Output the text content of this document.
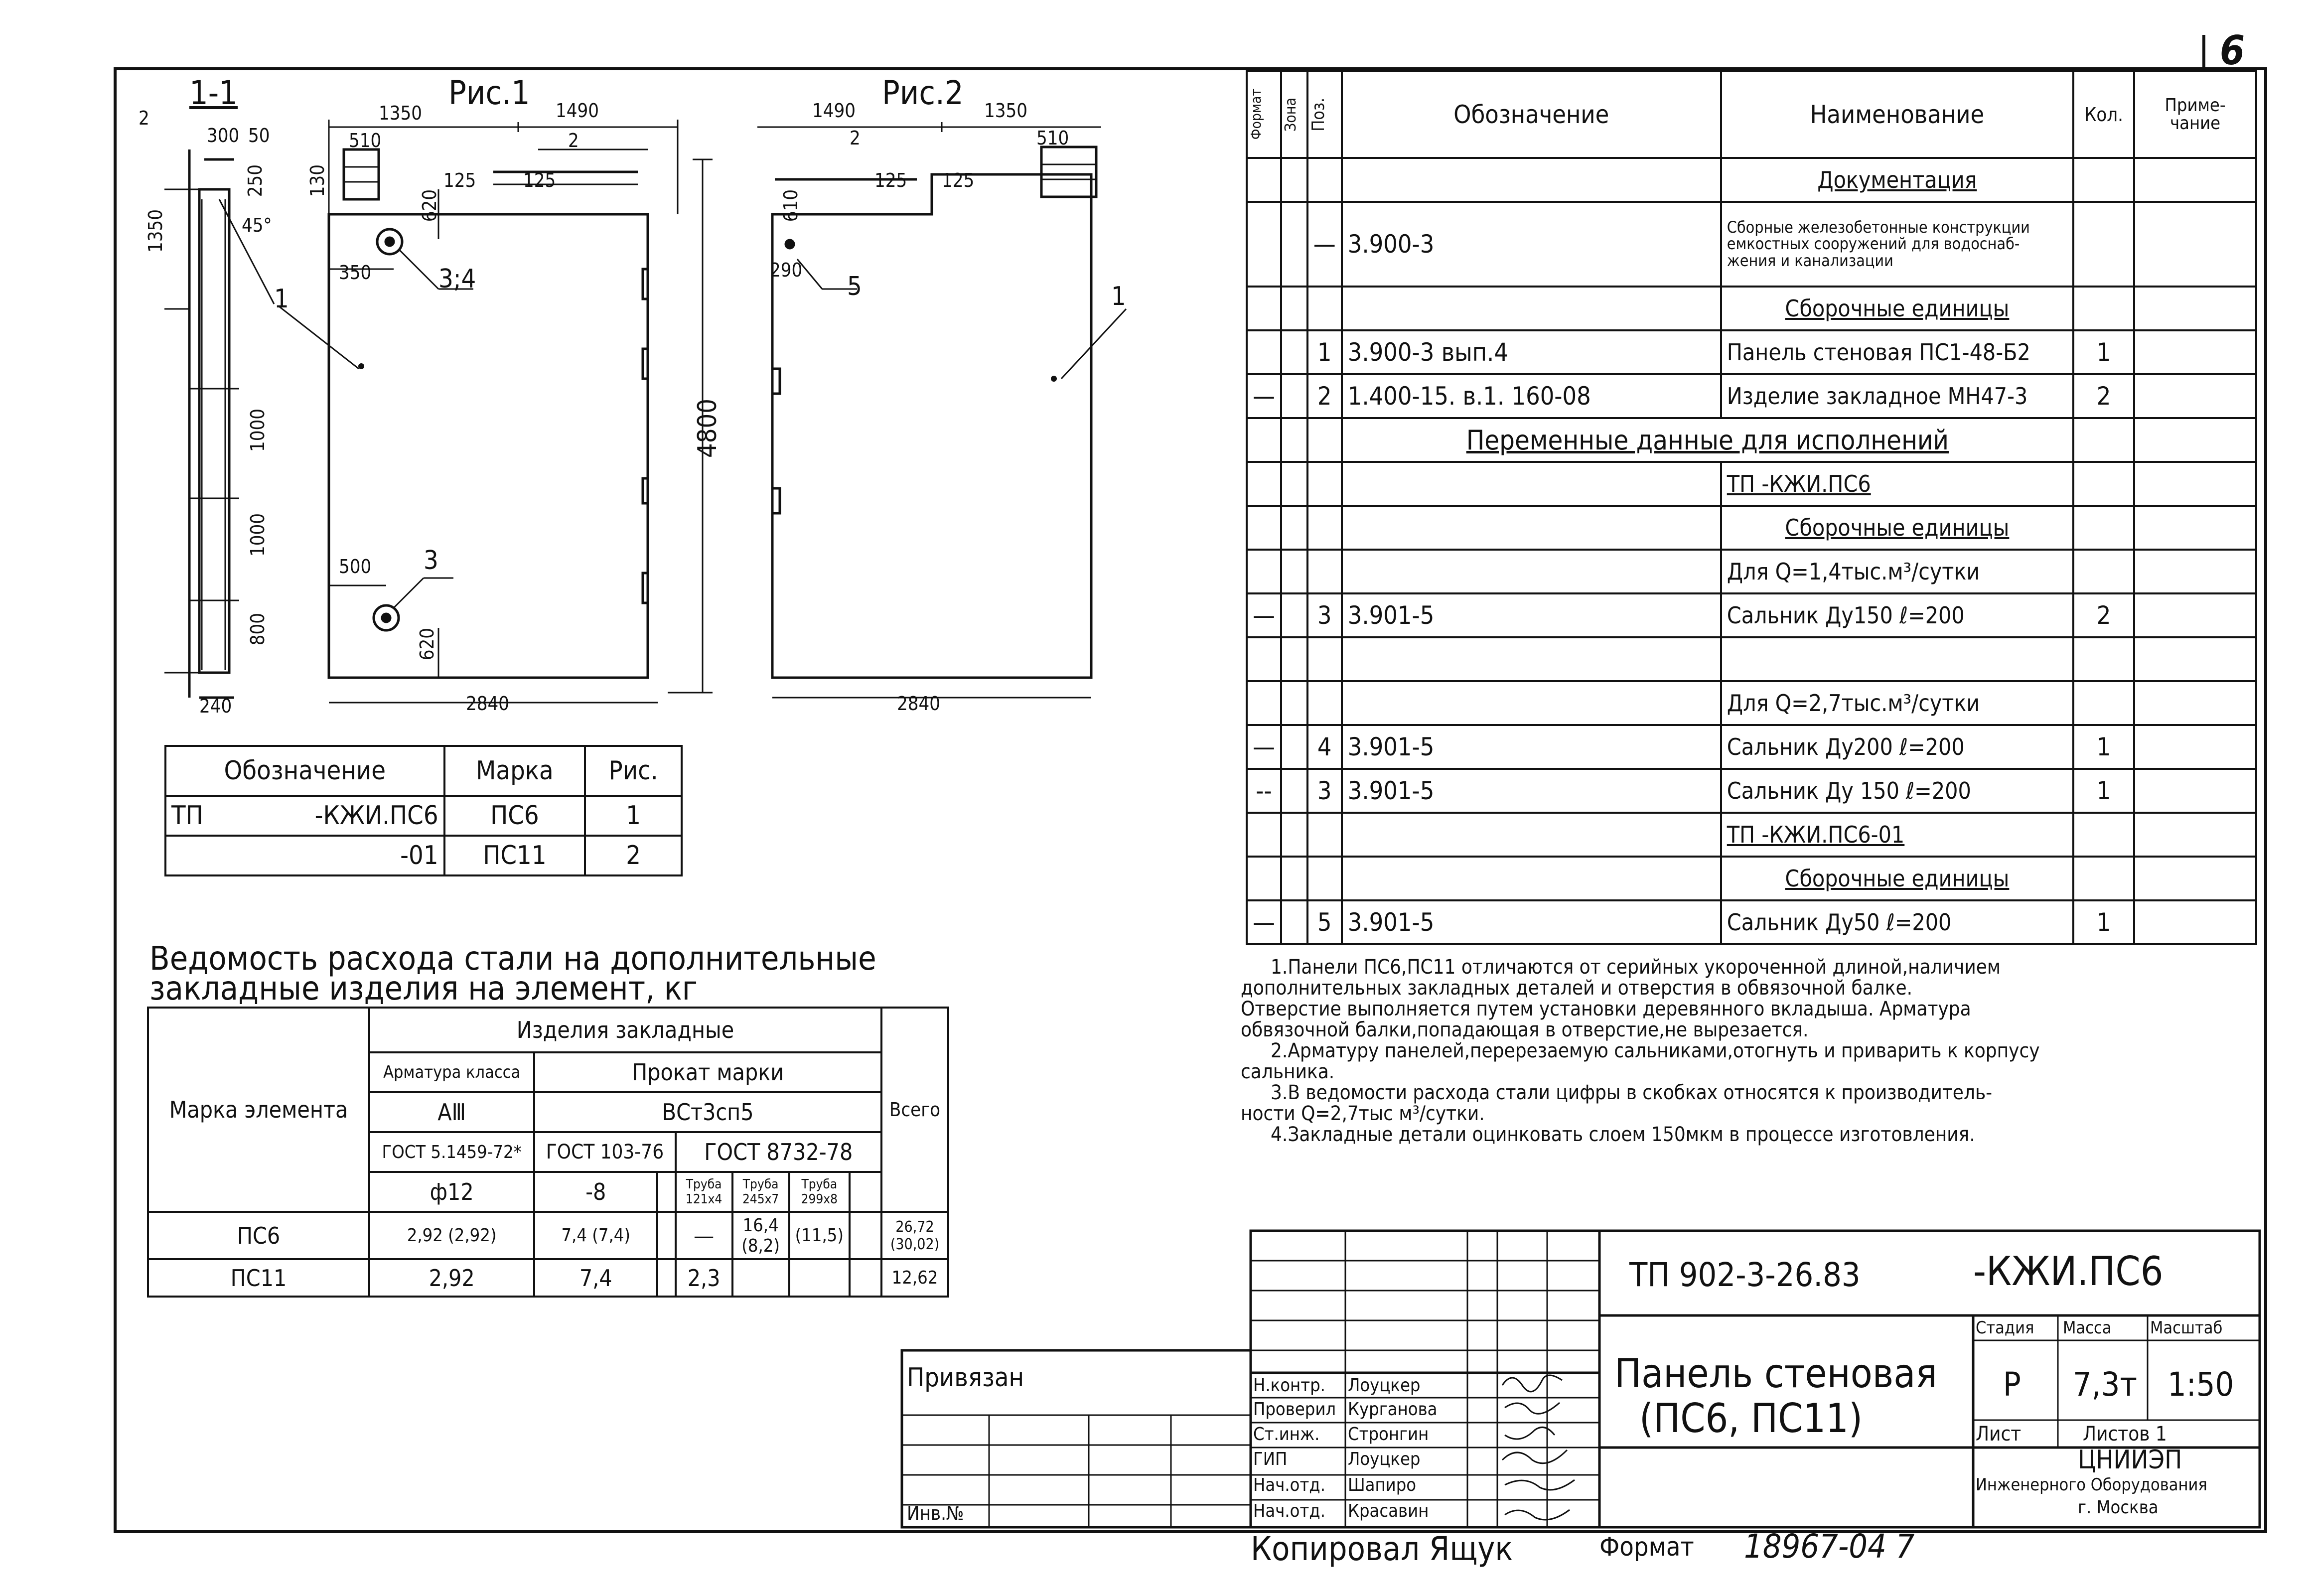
6
1-1
300 50
45°
1350
1000
1000
800
240
250
2
Рис.1
1350	1490
2
510
125 125
130
620
350	3;4
1
500 3
620
2840
4800
Рис.2
1490	1350
2	510
125 125
610
290
5	1
2840
Обозначение		Марка	Рис.
ТП	-КЖИ.ПС6	ПС6	1
	-01	ПС11	2
Ведомость расхода стали на дополнительные
закладные изделия на элемент, кг
Марка элемента	Изделия закладные							Всего
	Арматура класса	Прокат марки						
	АⅢ	ВСт3сп5						
	ГОСТ 5.1459-72*	ГОСТ 103-76		ГОСТ 8732-78				
	ф12	-8		Труба 121х4	Труба 245х7	Труба 299х8		
ПС6	2,92 (2,92)	7,4 (7,4)		—	16,4 (8,2)	(11,5)		26,72 (30,02)
ПС11	2,92	7,4		2,3				12,62
Формат	Зона	Поз.	Обозначение	Наименование	Кол.	Приме- чание
				Документация		
		—	3.900-3	Сборные железобетонные конструкции емкостных сооружений для водоснаб- жения и канализации		
				Сборочные единицы		
		1	3.900-3 вып.4	Панель стеновая ПС1-48-Б2	1	
—		2	1.400-15. в.1. 160-08	Изделие закладное МН47-3	2	
			Переменные данные для исполнений			
				ТП -КЖИ.ПС6		
				Сборочные единицы		
				Для Q=1,4тыс.м³/сутки		
—		3	3.901-5	Сальник Ду150 ℓ=200	2	

				Для Q=2,7тыс.м³/сутки		
—		4	3.901-5	Сальник Ду200 ℓ=200	1	
--		3	3.901-5	Сальник Ду 150 ℓ=200	1	
				ТП -КЖИ.ПС6-01		
				Сборочные единицы		
—		5	3.901-5	Сальник Ду50 ℓ=200	1	
1.Панели ПС6,ПС11 отличаются от серийных укороченной длиной,наличием
дополнительных закладных деталей и отверстия в обвязочной балке.
Отверстие выполняется путем установки деревянного вкладыша. Арматура
обвязочной балки,попадающая в отверстие,не вырезается.
2.Арматуру панелей,перерезаемую сальниками,отогнуть и приварить к корпусу
сальника.
3.В ведомости расхода стали цифры в скобках относятся к производитель-
ности Q=2,7тыс м³/сутки.
4.Закладные детали оцинковать слоем 150мкм в процессе изготовления.
ТП 902-3-26.83	-КЖИ.ПС6
Панель стеновая
(ПС6, ПС11)
Стадия Масса Масштаб
Р 7,3т 1:50
Лист	Листов 1
ЦНИИЭП
Инженерного Оборудования
г. Москва
Н.контр. Лоуцкер
Проверил Курганова
Ст.инж. Стронгин
ГИП	Лоуцкер
Нач.отд. Шапиро
Нач.отд. Красавин
Привязан
Инв.№
Копировал Ящук	Формат 18967-04 7
